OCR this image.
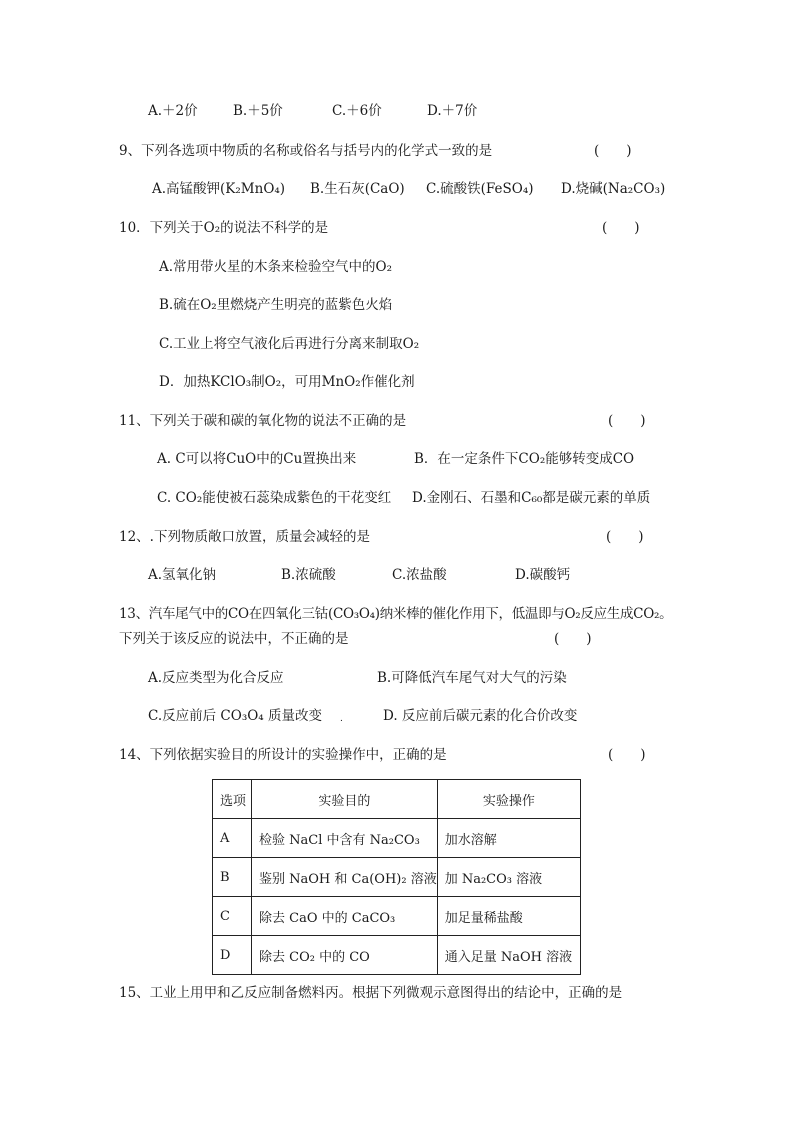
A.＋2价	B.＋5价	C.＋6价	D.＋7价
9、下列各选项中物质的名称或俗名与括号内的化学式一致的是	(　　)
A.高锰酸钾(K₂MnO₄) B.生石灰(CaO) C.硫酸铁(FeSO₄) D.烧碱(Na₂CO₃)
10．下列关于O₂的说法不科学的是	(　　)
A.常用带火星的木条来检验空气中的O₂
B.硫在O₂里燃烧产生明亮的蓝紫色火焰
C.工业上将空气液化后再进行分离来制取O₂
D．加热KClO₃制O₂，可用MnO₂作催化剂
11、下列关于碳和碳的氧化物的说法不正确的是	(　　)
A. C可以将CuO中的Cu置换出来	B．在一定条件下CO₂能够转变成CO
C. CO₂能使被石蕊染成紫色的干花变红 D.金刚石、石墨和C₆₀都是碳元素的单质
12、.下列物质敞口放置，质量会减轻的是	(　　)
A.氢氧化钠	B.浓硫酸	C.浓盐酸	D.碳酸钙
13、汽车尾气中的CO在四氧化三钴(CO₃O₄)纳米棒的催化作用下，低温即与O₂反应生成CO₂。
下列关于该反应的说法中，不正确的是	(　　)
A.反应类型为化合反应	B.可降低汽车尾气对大气的污染
C.反应前后 CO₃O₄ 质量改变 .	D. 反应前后碳元素的化合价改变
14、下列依据实验目的所设计的实验操作中，正确的是	(　　)
选项	实验目的	实验操作
A	检验 NaCl 中含有 Na₂CO₃	加水溶解
B	鉴别 NaOH 和 Ca(OH)₂ 溶液	加 Na₂CO₃ 溶液
C	除去 CaO 中的 CaCO₃	加足量稀盐酸
D	除去 CO₂ 中的 CO	通入足量 NaOH 溶液
15、工业上用甲和乙反应制备燃料丙。根据下列微观示意图得出的结论中，正确的是
